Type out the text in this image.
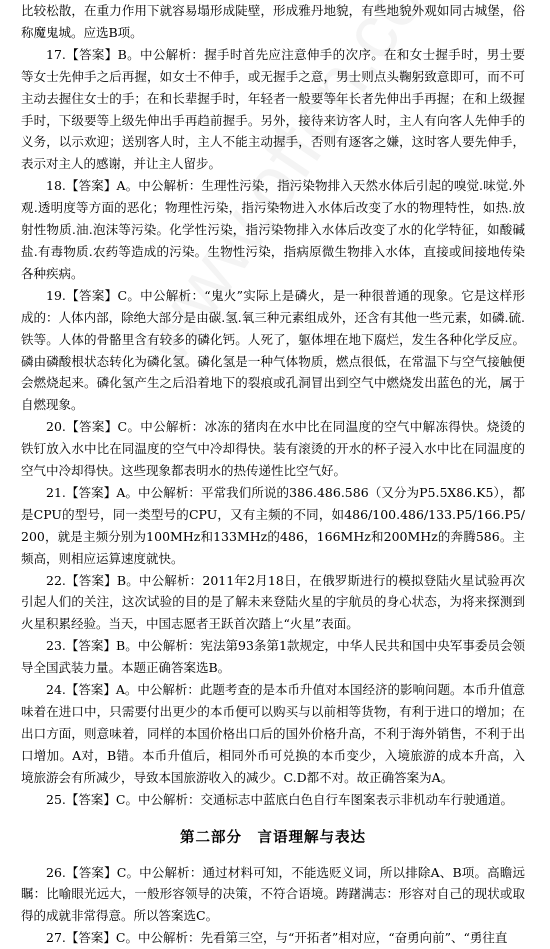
比较松散，在重力作用下就容易塌形成陡壁，形成雅丹地貌，有些地貌外观如同古城堡，俗称魔鬼城。应选B项。

17.【答案】B。中公解析：握手时首先应注意伸手的次序。在和女士握手时，男士要等女士先伸手之后再握，如女士不伸手，或无握手之意，男士则点头鞠躬致意即可，而不可主动去握住女士的手；在和长辈握手时，年轻者一般要等年长者先伸出手再握；在和上级握手时，下级要等上级先伸出手再趋前握手。另外，接待来访客人时，主人有向客人先伸手的义务，以示欢迎；送别客人时，主人不能主动握手，否则有逐客之嫌，这时客人要先伸手，表示对主人的感谢，并让主人留步。

18.【答案】A。中公解析：生理性污染，指污染物排入天然水体后引起的嗅觉.味觉.外观.透明度等方面的恶化；物理性污染，指污染物进入水体后改变了水的物理特性，如热.放射性物质.油.泡沫等污染。化学性污染，指污染物排入水体后改变了水的化学特征，如酸碱盐.有毒物质.农药等造成的污染。生物性污染，指病原微生物排入水体，直接或间接地传染各种疾病。

19.【答案】C。中公解析：“鬼火”实际上是磷火，是一种很普通的现象。它是这样形成的：人体内部，除绝大部分是由碳.氢.氧三种元素组成外，还含有其他一些元素，如磷.硫.铁等。人体的骨骼里含有较多的磷化钙。人死了，躯体埋在地下腐烂，发生各种化学反应。磷由磷酸根状态转化为磷化氢。磷化氢是一种气体物质，燃点很低，在常温下与空气接触便会燃烧起来。磷化氢产生之后沿着地下的裂痕或孔洞冒出到空气中燃烧发出蓝色的光，属于自燃现象。

20.【答案】C。中公解析：冰冻的猪肉在水中比在同温度的空气中解冻得快。烧烫的铁钉放入水中比在同温度的空气中冷却得快。装有滚烫的开水的杯子浸入水中比在同温度的空气中冷却得快。这些现象都表明水的热传递性比空气好。

21.【答案】A。中公解析：平常我们所说的386.486.586（又分为P5.5X86.K5），都是CPU的型号，同一类型号的CPU，又有主频的不同，如486/100.486/133.P5/166.P5/200，就是主频分别为100MHz和133MHz的486，166MHz和200MHz的奔腾586。主频高，则相应运算速度就快。

22.【答案】B。中公解析：2011年2月18日，在俄罗斯进行的模拟登陆火星试验再次引起人们的关注，这次试验的目的是了解未来登陆火星的宇航员的身心状态，为将来探测到火星积累经验。当天，中国志愿者王跃首次踏上“火星”表面。

23.【答案】B。中公解析：宪法第93条第1款规定，中华人民共和国中央军事委员会领导全国武装力量。本题正确答案选B。

24.【答案】A。中公解析：此题考查的是本币升值对本国经济的影响问题。本币升值意味着在进口中，只需要付出更少的本币便可以购买与以前相等货物，有利于进口的增加；在出口方面，则意味着，同样的本国价格出口后的国外价格升高，不利于海外销售，不利于出口增加。A对，B错。本币升值后，相同外币可兑换的本币变少，入境旅游的成本升高，入境旅游会有所减少，导致本国旅游收入的减少。C.D都不对。故正确答案为A。

25.【答案】C。中公解析：交通标志中蓝底白色自行车图案表示非机动车行驶通道。

第二部分　言语理解与表达

26.【答案】C。中公解析：通过材料可知，不能选贬义词，所以排除A、B项。高瞻远瞩：比喻眼光远大，一般形容领导的决策，不符合语境。踌躇满志：形容对自己的现状或取得的成就非常得意。所以答案选C。

27.【答案】C。中公解析：先看第三空，与“开拓者”相对应，“奋勇向前”、“勇往直
